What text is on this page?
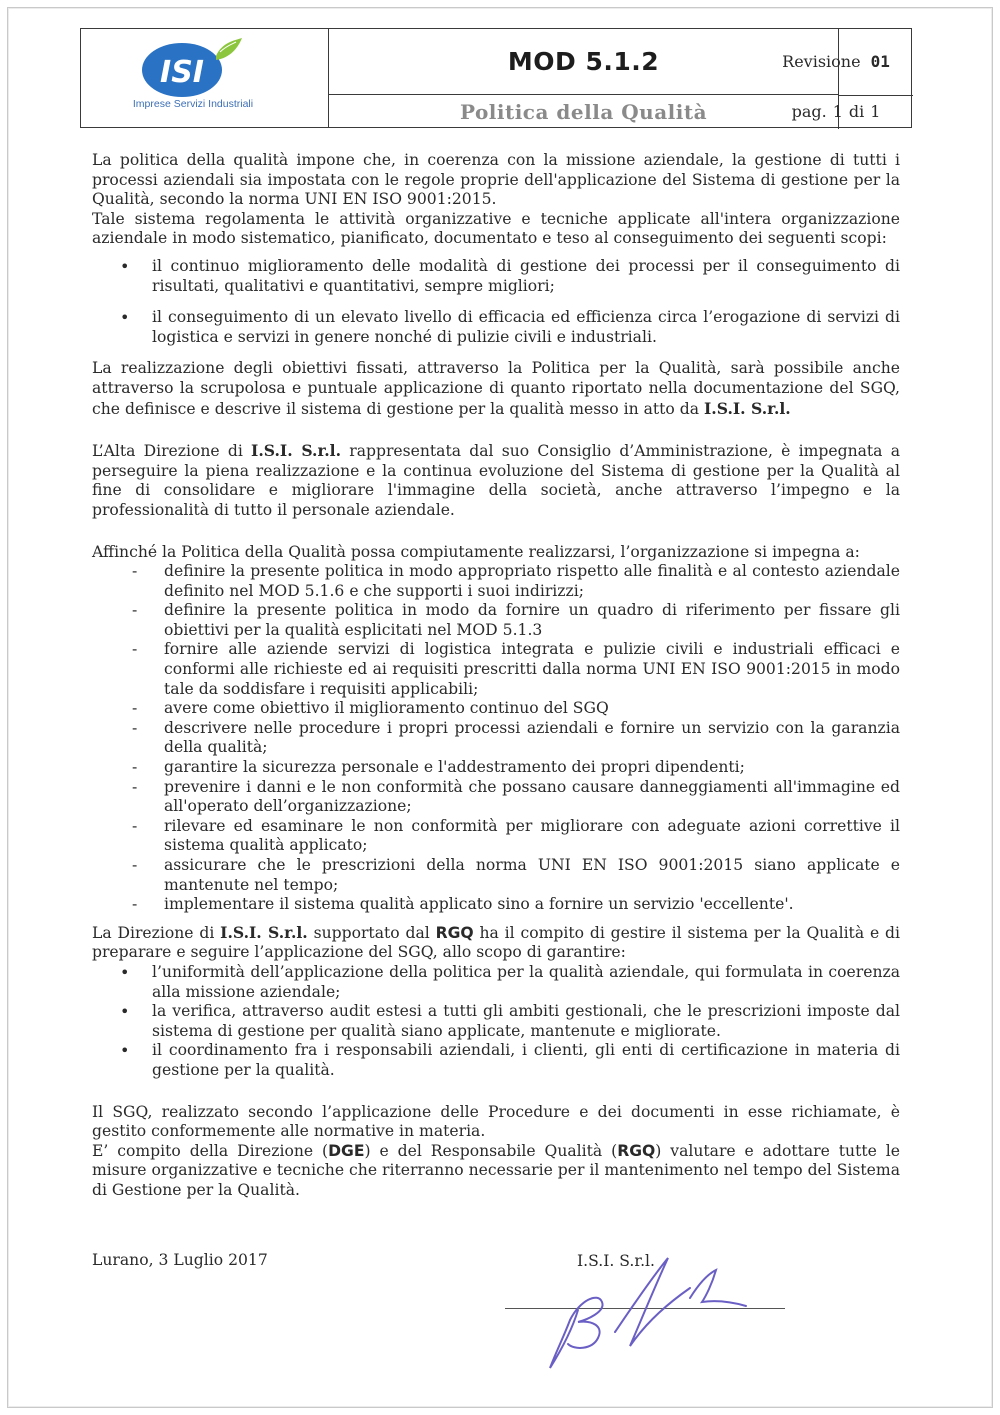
MOD 5.1.2
Politica della Qualità
Revisione 01
pag. 1 di 1
ISI
Imprese Servizi Industriali

La politica della qualità impone che, in coerenza con la missione aziendale, la gestione di tutti i processi aziendali sia impostata con le regole proprie dell'applicazione del Sistema di gestione per la Qualità, secondo la norma UNI EN ISO 9001:2015.

Tale sistema regolamenta le attività organizzative e tecniche applicate all'intera organizzazione aziendale in modo sistematico, pianificato, documentato e teso al conseguimento dei seguenti scopi:

• il continuo miglioramento delle modalità di gestione dei processi per il conseguimento di risultati, qualitativi e quantitativi, sempre migliori;
• il conseguimento di un elevato livello di efficacia ed efficienza circa l’erogazione di servizi di logistica e servizi in genere nonché di pulizie civili e industriali.

La realizzazione degli obiettivi fissati, attraverso la Politica per la Qualità, sarà possibile anche attraverso la scrupolosa e puntuale applicazione di quanto riportato nella documentazione del SGQ, che definisce e descrive il sistema di gestione per la qualità messo in atto da I.S.I. S.r.l.

L’Alta Direzione di I.S.I. S.r.l. rappresentata dal suo Consiglio d’Amministrazione, è impegnata a perseguire la piena realizzazione e la continua evoluzione del Sistema di gestione per la Qualità al fine di consolidare e migliorare l'immagine della società, anche attraverso l’impegno e la professionalità di tutto il personale aziendale.

Affinché la Politica della Qualità possa compiutamente realizzarsi, l’organizzazione si impegna a:

- definire la presente politica in modo appropriato rispetto alle finalità e al contesto aziendale definito nel MOD 5.1.6 e che supporti i suoi indirizzi;
- definire la presente politica in modo da fornire un quadro di riferimento per fissare gli obiettivi per la qualità esplicitati nel MOD 5.1.3
- fornire alle aziende servizi di logistica integrata e pulizie civili e industriali efficaci e conformi alle richieste ed ai requisiti prescritti dalla norma UNI EN ISO 9001:2015 in modo tale da soddisfare i requisiti applicabili;
- avere come obiettivo il miglioramento continuo del SGQ
- descrivere nelle procedure i propri processi aziendali e fornire un servizio con la garanzia della qualità;
- garantire la sicurezza personale e l'addestramento dei propri dipendenti;
- prevenire i danni e le non conformità che possano causare danneggiamenti all'immagine ed all'operato dell’organizzazione;
- rilevare ed esaminare le non conformità per migliorare con adeguate azioni correttive il sistema qualità applicato;
- assicurare che le prescrizioni della norma UNI EN ISO 9001:2015 siano applicate e mantenute nel tempo;
- implementare il sistema qualità applicato sino a fornire un servizio 'eccellente'.

La Direzione di I.S.I. S.r.l. supportato dal RGQ ha il compito di gestire il sistema per la Qualità e di preparare e seguire l’applicazione del SGQ, allo scopo di garantire:

• l’uniformità dell’applicazione della politica per la qualità aziendale, qui formulata in coerenza alla missione aziendale;
• la verifica, attraverso audit estesi a tutti gli ambiti gestionali, che le prescrizioni imposte dal sistema di gestione per qualità siano applicate, mantenute e migliorate.
• il coordinamento fra i responsabili aziendali, i clienti, gli enti di certificazione in materia di gestione per la qualità.

Il SGQ, realizzato secondo l’applicazione delle Procedure e dei documenti in esse richiamate, è gestito conformemente alle normative in materia.

E’ compito della Direzione (DGE) e del Responsabile Qualità (RGQ) valutare e adottare tutte le misure organizzative e tecniche che riterranno necessarie per il mantenimento nel tempo del Sistema di Gestione per la Qualità.

Lurano, 3 Luglio 2017	I.S.I. S.r.l.
